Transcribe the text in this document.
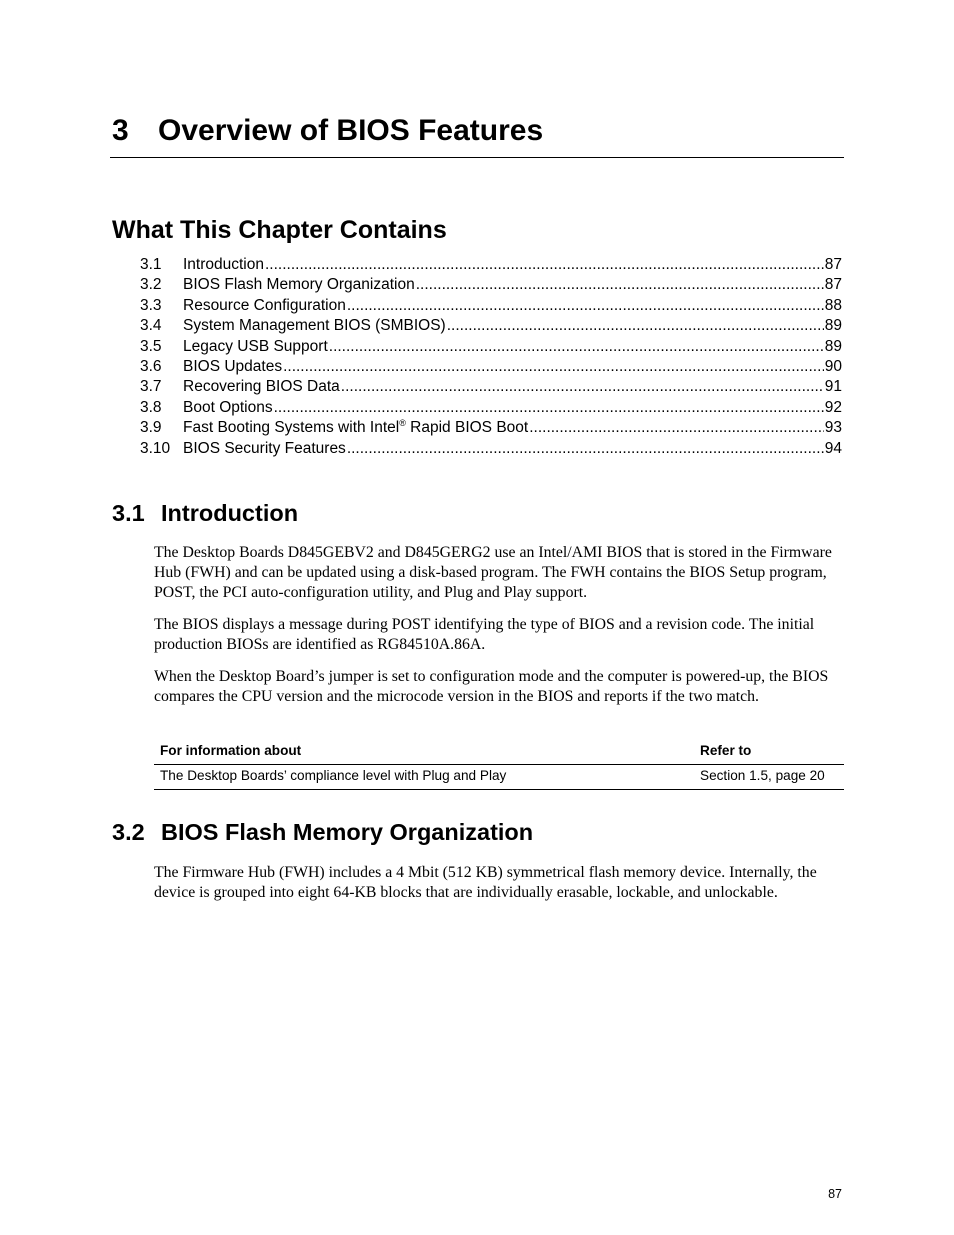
3 Overview of BIOS Features
What This Chapter Contains
3.1	Introduction .....	87
3.2	BIOS Flash Memory Organization .....	87
3.3	Resource Configuration .....	88
3.4	System Management BIOS (SMBIOS) .....	89
3.5	Legacy USB Support .....	89
3.6	BIOS Updates .....	90
3.7	Recovering BIOS Data .....	91
3.8	Boot Options .....	92
3.9	Fast Booting Systems with Intel® Rapid BIOS Boot .....	93
3.10 BIOS Security Features .....	94
3.1 Introduction

The Desktop Boards D845GEBV2 and D845GERG2 use an Intel/AMI BIOS that is stored in the Firmware Hub (FWH) and can be updated using a disk-based program. The FWH contains the BIOS Setup program, POST, the PCI auto-configuration utility, and Plug and Play support.

The BIOS displays a message during POST identifying the type of BIOS and a revision code. The initial production BIOSs are identified as RG84510A.86A.

When the Desktop Board’s jumper is set to configuration mode and the computer is powered-up, the BIOS compares the CPU version and the microcode version in the BIOS and reports if the two match.

For information about	Refer to
The Desktop Boards’ compliance level with Plug and Play	Section 1.5, page 20
3.2 BIOS Flash Memory Organization

The Firmware Hub (FWH) includes a 4 Mbit (512 KB) symmetrical flash memory device. Internally, the device is grouped into eight 64-KB blocks that are individually erasable, lockable, and unlockable.

87
